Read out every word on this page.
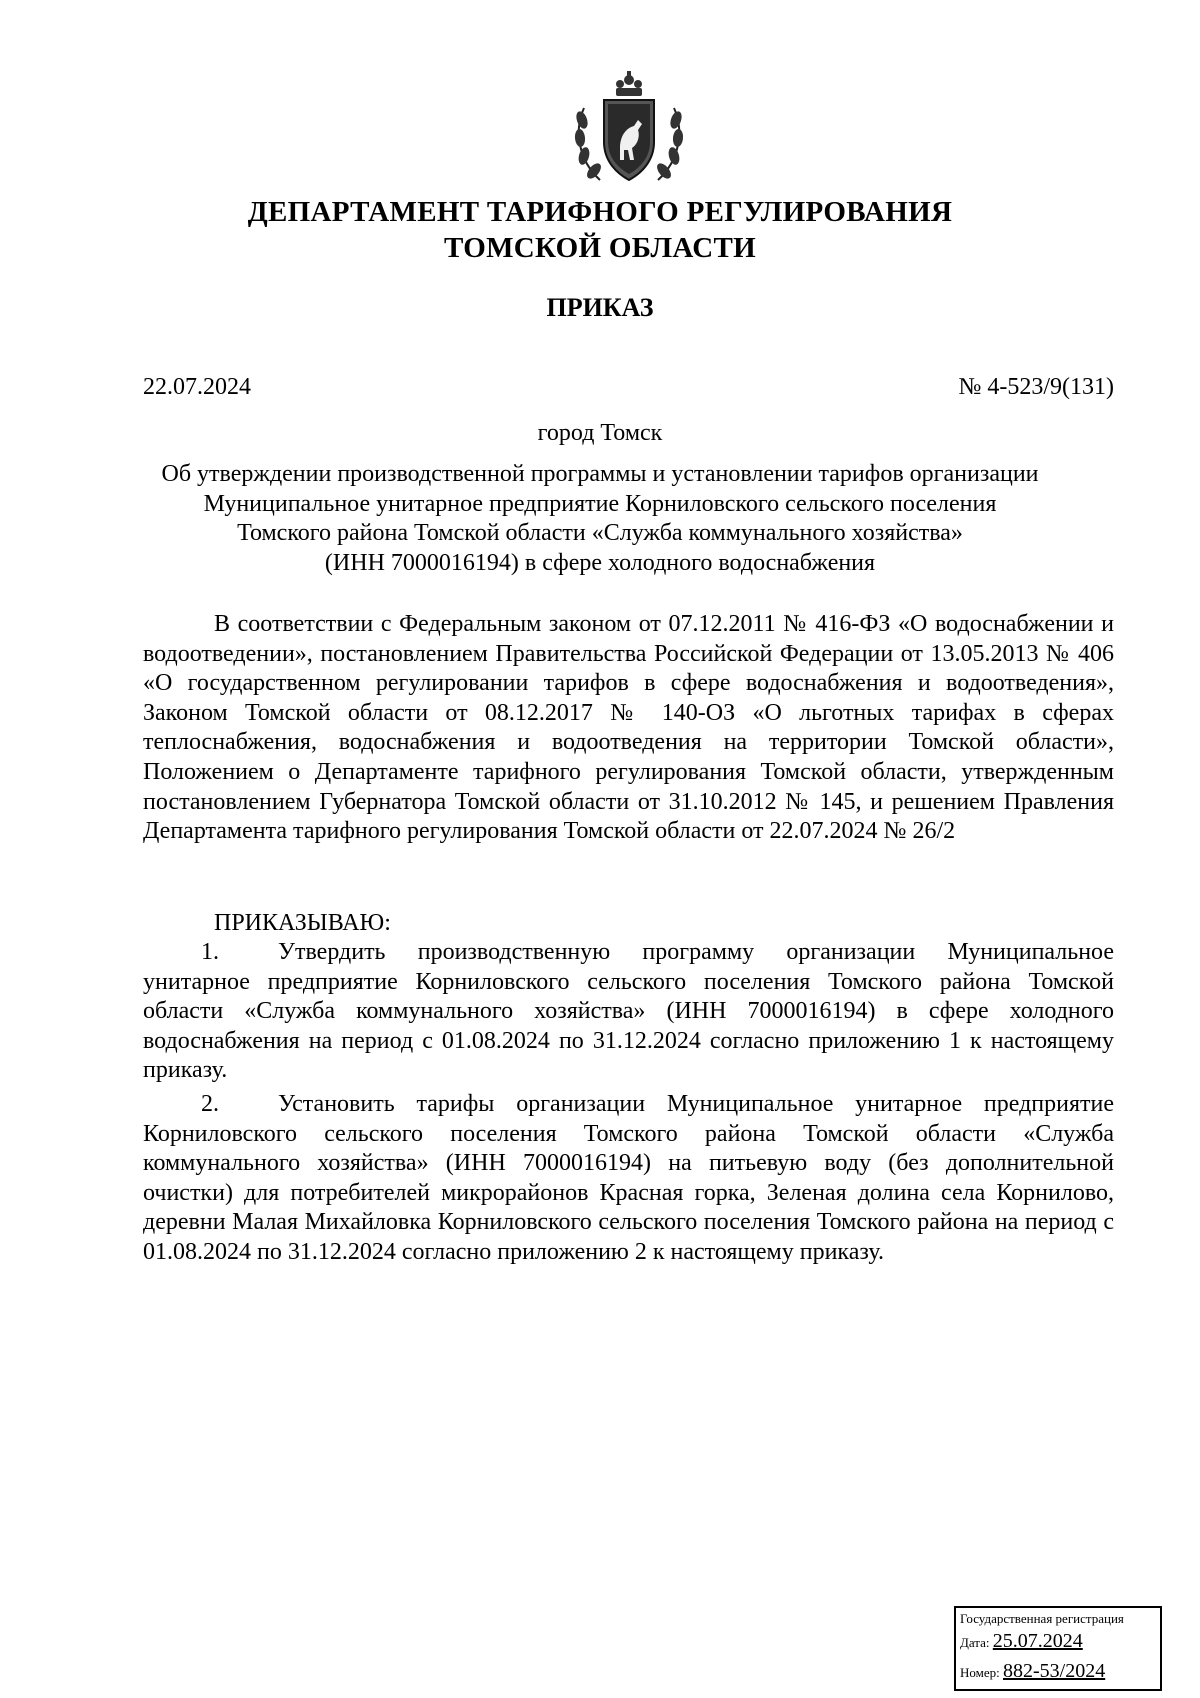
ДЕПАРТАМЕНТ ТАРИФНОГО РЕГУЛИРОВАНИЯ
ТОМСКОЙ ОБЛАСТИ
ПРИКАЗ
22.07.2024	№ 4-523/9(131)
город Томск
Об утверждении производственной программы и установлении тарифов организации
Муниципальное унитарное предприятие Корниловского сельского поселения
Томского района Томской области «Служба коммунального хозяйства»
(ИНН 7000016194) в сфере холодного водоснабжения
В соответствии с Федеральным законом от 07.12.2011 № 416-ФЗ «О водоснабжении и водоотведении», постановлением Правительства Российской Федерации от 13.05.2013 № 406 «О государственном регулировании тарифов в сфере водоснабжения и водоотведения», Законом Томской области от 08.12.2017 № 140-ОЗ «О льготных тарифах в сферах теплоснабжения, водоснабжения и водоотведения на территории Томской области», Положением о Департаменте тарифного регулирования Томской области, утвержденным постановлением Губернатора Томской области от 31.10.2012 № 145, и решением Правления Департамента тарифного регулирования Томской области от 22.07.2024 № 26/2
ПРИКАЗЫВАЮ:
1. Утвердить производственную программу организации Муниципальное унитарное предприятие Корниловского сельского поселения Томского района Томской области «Служба коммунального хозяйства» (ИНН 7000016194) в сфере холодного водоснабжения на период с 01.08.2024 по 31.12.2024 согласно приложению 1 к настоящему приказу.
2. Установить тарифы организации Муниципальное унитарное предприятие Корниловского сельского поселения Томского района Томской области «Служба коммунального хозяйства» (ИНН 7000016194) на питьевую воду (без дополнительной очистки) для потребителей микрорайонов Красная горка, Зеленая долина села Корнилово, деревни Малая Михайловка Корниловского сельского поселения Томского района на период с 01.08.2024 по 31.12.2024 согласно приложению 2 к настоящему приказу.
Государственная регистрация
Дата: 25.07.2024
Номер: 882-53/2024
